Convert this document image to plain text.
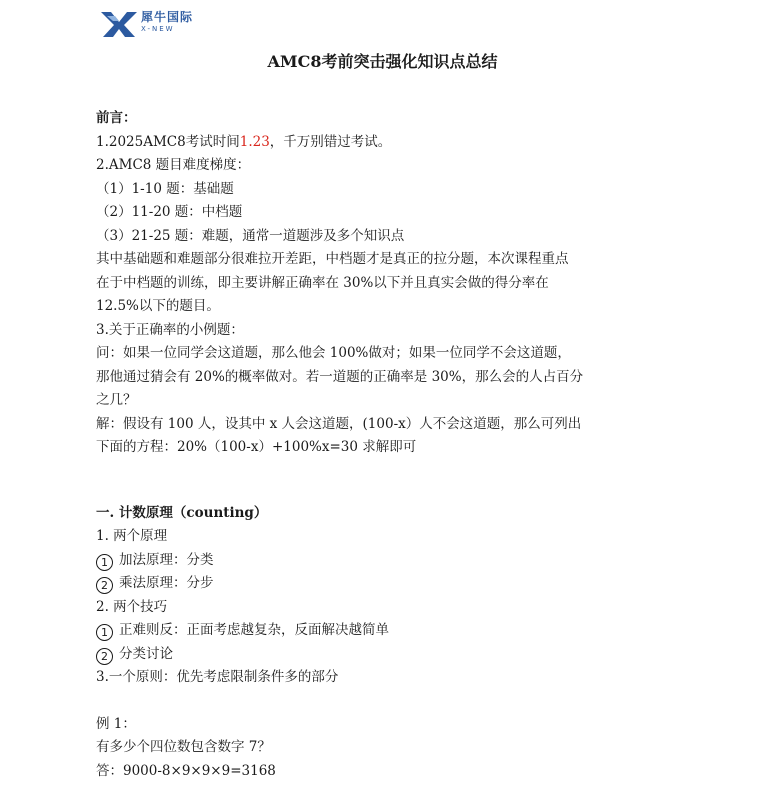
犀牛国际
X-NEW
AMC8考前突击强化知识点总结
前言：
1.2025AMC8考试时间1.23，千万别错过考试。
2.AMC8 题目难度梯度：
（1）1-10 题：基础题
（2）11-20 题：中档题
（3）21-25 题：难题，通常一道题涉及多个知识点
其中基础题和难题部分很难拉开差距，中档题才是真正的拉分题，本次课程重点
在于中档题的训练，即主要讲解正确率在 30%以下并且真实会做的得分率在
12.5%以下的题目。
3.关于正确率的小例题：
问：如果一位同学会这道题，那么他会 100%做对；如果一位同学不会这道题，
那他通过猜会有 20%的概率做对。若一道题的正确率是 30%，那么会的人占百分
之几？
解：假设有 100 人，设其中 x 人会这道题，(100-x）人不会这道题，那么可列出
下面的方程：20%（100-x）+100%x=30 求解即可
一. 计数原理（counting）
1. 两个原理
1 加法原理：分类
2 乘法原理：分步
2. 两个技巧
1 正难则反：正面考虑越复杂，反面解决越简单
2 分类讨论
3.一个原则：优先考虑限制条件多的部分
例 1：
有多少个四位数包含数字 7？
答：9000-8×9×9×9=3168
